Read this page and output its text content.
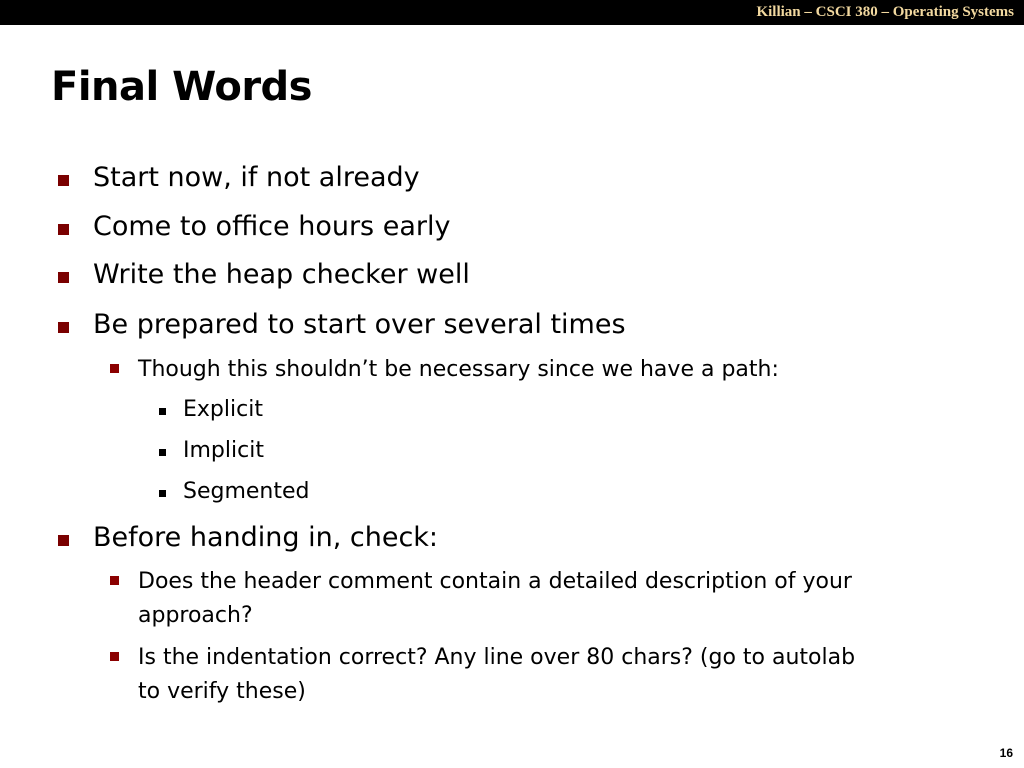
Killian – CSCI 380 – Operating Systems
Final Words
Start now, if not already
Come to office hours early
Write the heap checker well
Be prepared to start over several times
Though this shouldn’t be necessary since we have a path:
Explicit
Implicit
Segmented
Before handing in, check:
Does the header comment contain a detailed description of your
approach?
Is the indentation correct? Any line over 80 chars? (go to autolab
to verify these)
16
